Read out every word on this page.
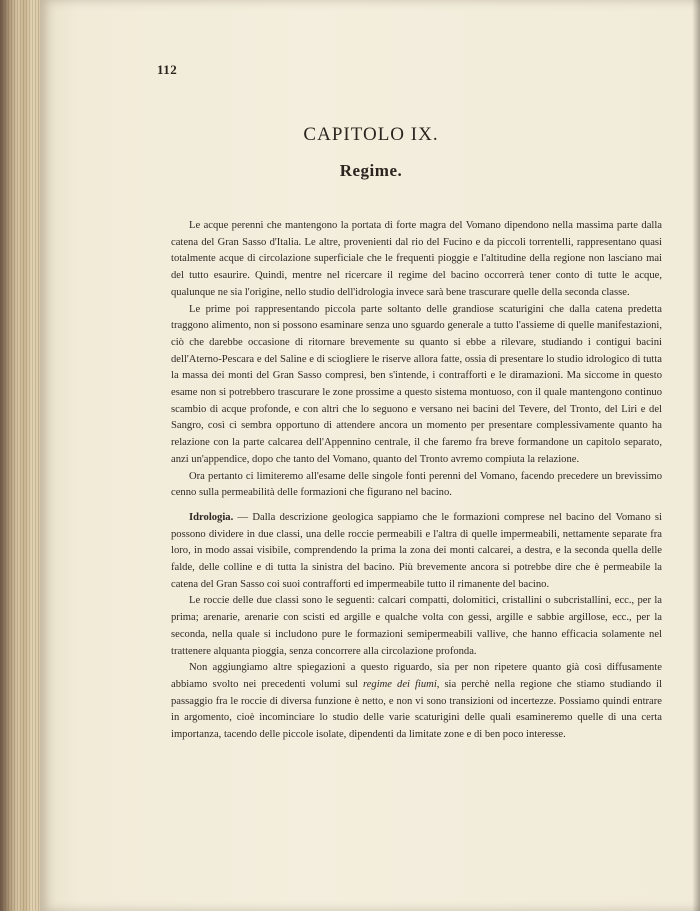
112
CAPITOLO IX.
Regime.

Le acque perenni che mantengono la portata di forte magra del Vomano dipendono nella massima parte dalla catena del Gran Sasso d'Italia. Le altre, provenienti dal rio del Fucino e da piccoli torrentelli, rappresentano quasi totalmente acque di circolazione superficiale che le frequenti pioggie e l'altitudine della regione non lasciano mai del tutto esaurire. Quindi, mentre nel ricercare il regime del bacino occorrerà tener conto di tutte le acque, qualunque ne sia l'origine, nello studio dell'idrologia invece sarà bene trascurare quelle della seconda classe.

Le prime poi rappresentando piccola parte soltanto delle grandiose scaturigini che dalla catena predetta traggono alimento, non si possono esaminare senza uno sguardo generale a tutto l'assieme di quelle manifestazioni, ciò che darebbe occasione di ritornare brevemente su quanto si ebbe a rilevare, studiando i contigui bacini dell'Aterno-Pescara e del Saline e di sciogliere le riserve allora fatte, ossia di presentare lo studio idrologico di tutta la massa dei monti del Gran Sasso compresi, ben s'intende, i contrafforti e le diramazioni. Ma siccome in questo esame non si potrebbero trascurare le zone prossime a questo sistema montuoso, con il quale mantengono continuo scambio di acque profonde, e con altri che lo seguono e versano nei bacini del Tevere, del Tronto, del Liri e del Sangro, così ci sembra opportuno di attendere ancora un momento per presentare complessivamente quanto ha relazione con la parte calcarea dell'Appennino centrale, il che faremo fra breve formandone un capitolo separato, anzi un'appendice, dopo che tanto del Vomano, quanto del Tronto avremo compiuta la relazione.

Ora pertanto ci limiteremo all'esame delle singole fonti perenni del Vomano, facendo precedere un brevissimo cenno sulla permeabilità delle formazioni che figurano nel bacino.

Idrologia. — Dalla descrizione geologica sappiamo che le formazioni comprese nel bacino del Vomano si possono dividere in due classi, una delle roccie permeabili e l'altra di quelle impermeabili, nettamente separate fra loro, in modo assai visibile, comprendendo la prima la zona dei monti calcarei, a destra, e la seconda quella delle falde, delle colline e di tutta la sinistra del bacino. Più brevemente ancora si potrebbe dire che è permeabile la catena del Gran Sasso coi suoi contrafforti ed impermeabile tutto il rimanente del bacino.

Le roccie delle due classi sono le seguenti: calcari compatti, dolomitici, cristallini o subcristallini, ecc., per la prima; arenarie, arenarie con scisti ed argille e qualche volta con gessi, argille e sabbie argillose, ecc., per la seconda, nella quale si includono pure le formazioni semipermeabili vallive, che hanno efficacia solamente nel trattenere alquanta pioggia, senza concorrere alla circolazione profonda.

Non aggiungiamo altre spiegazioni a questo riguardo, sia per non ripetere quanto già così diffusamente abbiamo svolto nei precedenti volumi sul regime dei fiumi, sia perchè nella regione che stiamo studiando il passaggio fra le roccie di diversa funzione è netto, e non vi sono transizioni od incertezze. Possiamo quindi entrare in argomento, cioè incominciare lo studio delle varie scaturigini delle quali esamineremo quelle di una certa importanza, tacendo delle piccole isolate, dipendenti da limitate zone e di ben poco interesse.
